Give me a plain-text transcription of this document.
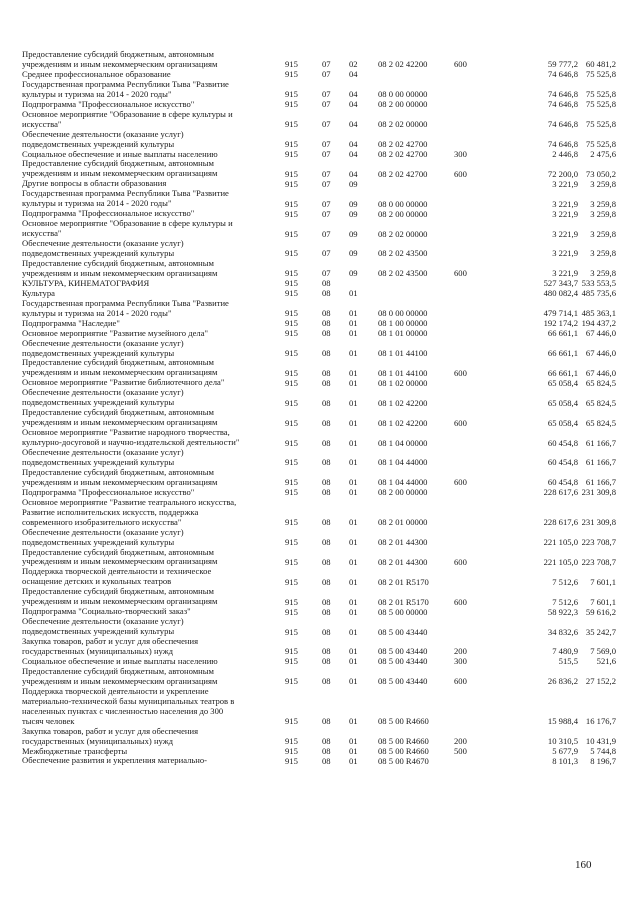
Предоставление субсидий бюджетным, автономным
учреждениям и иным некоммерческим организациям	915	07 02 08 2 02 42200	600	59 777,2 60 481,2
Среднее профессиональное образование	915	07 04	74 646,8 75 525,8
Государственная программа Республики Тыва "Развитие
культуры и туризма на 2014 - 2020 годы"	915	07 04 08 0 00 00000	74 646,8 75 525,8
Подпрограмма "Профессиональное искусство"	915	07 04 08 2 00 00000	74 646,8 75 525,8
Основное мероприятие "Образование в сфере культуры и
искусства"	915	07 04 08 2 02 00000	74 646,8 75 525,8
Обеспечение деятельности (оказание услуг)
подведомственных учреждений культуры	915	07 04 08 2 02 42700	74 646,8 75 525,8
Социальное обеспечение и иные выплаты населению	915	07 04 08 2 02 42700	300	2 446,8 2 475,6
Предоставление субсидий бюджетным, автономным
учреждениям и иным некоммерческим организациям	915	07 04 08 2 02 42700	600	72 200,0 73 050,2
Другие вопросы в области образования	915	07 09	3 221,9 3 259,8
Государственная программа Республики Тыва "Развитие
культуры и туризма на 2014 - 2020 годы"	915	07 09 08 0 00 00000	3 221,9 3 259,8
Подпрограмма "Профессиональное искусство"	915	07 09 08 2 00 00000	3 221,9 3 259,8
Основное мероприятие "Образование в сфере культуры и
искусства"	915	07 09 08 2 02 00000	3 221,9 3 259,8
Обеспечение деятельности (оказание услуг)
подведомственных учреждений культуры	915	07 09 08 2 02 43500	3 221,9 3 259,8
Предоставление субсидий бюджетным, автономным
учреждениям и иным некоммерческим организациям	915	07 09 08 2 02 43500	600	3 221,9 3 259,8
КУЛЬТУРА, КИНЕМАТОГРАФИЯ	915	08	527 343,7 533 553,5
Культура	915	08 01	480 082,4 485 735,6
Государственная программа Республики Тыва "Развитие
культуры и туризма на 2014 - 2020 годы"	915	08 01 08 0 00 00000	479 714,1 485 363,1
Подпрограмма "Наследие"	915	08 01 08 1 00 00000	192 174,2 194 437,2
Основное мероприятие "Развитие музейного дела"	915	08 01 08 1 01 00000	66 661,1 67 446,0
Обеспечение деятельности (оказание услуг)
подведомственных учреждений культуры	915	08 01 08 1 01 44100	66 661,1 67 446,0
Предоставление субсидий бюджетным, автономным
учреждениям и иным некоммерческим организациям	915	08 01 08 1 01 44100	600	66 661,1 67 446,0
Основное мероприятие "Развитие библиотечного дела"	915	08 01 08 1 02 00000	65 058,4 65 824,5
Обеспечение деятельности (оказание услуг)
подведомственных учреждений культуры	915	08 01 08 1 02 42200	65 058,4 65 824,5
Предоставление субсидий бюджетным, автономным
учреждениям и иным некоммерческим организациям	915	08 01 08 1 02 42200	600	65 058,4 65 824,5
Основное мероприятие "Развитие народного творчества,
культурно-досуговой и научно-издательской деятельности"	915	08 01 08 1 04 00000	60 454,8 61 166,7
Обеспечение деятельности (оказание услуг)
подведомственных учреждений культуры	915	08 01 08 1 04 44000	60 454,8 61 166,7
Предоставление субсидий бюджетным, автономным
учреждениям и иным некоммерческим организациям	915	08 01 08 1 04 44000	600	60 454,8 61 166,7
Подпрограмма "Профессиональное искусство"	915	08 01 08 2 00 00000	228 617,6 231 309,8
Основное мероприятие "Развитие театрального искусства,
Развитие исполнительских искусств, поддержка
современного изобразительного искусства"	915	08 01 08 2 01 00000	228 617,6 231 309,8
Обеспечение деятельности (оказание услуг)
подведомственных учреждений культуры	915	08 01 08 2 01 44300	221 105,0 223 708,7
Предоставление субсидий бюджетным, автономным
учреждениям и иным некоммерческим организациям	915	08 01 08 2 01 44300	600	221 105,0 223 708,7
Поддержка творческой деятельности и техническое
оснащение детских и кукольных театров	915	08 01 08 2 01 R5170	7 512,6 7 601,1
Предоставление субсидий бюджетным, автономным
учреждениям и иным некоммерческим организациям	915	08 01 08 2 01 R5170	600	7 512,6 7 601,1
Подпрограмма "Социально-творческий заказ"	915	08 01 08 5 00 00000	58 922,3 59 616,2
Обеспечение деятельности (оказание услуг)
подведомственных учреждений культуры	915	08 01 08 5 00 43440	34 832,6 35 242,7
Закупка товаров, работ и услуг для обеспечения
государственных (муниципальных) нужд	915	08 01 08 5 00 43440	200	7 480,9 7 569,0
Социальное обеспечение и иные выплаты населению	915	08 01 08 5 00 43440	300	515,5 521,6
Предоставление субсидий бюджетным, автономным
учреждениям и иным некоммерческим организациям	915	08 01 08 5 00 43440	600	26 836,2 27 152,2
Поддержка творческой деятельности и укрепление
материально-технической базы муниципальных театров в
населенных пунктах с численностью населения до 300
тысяч человек	915	08 01 08 5 00 R4660	15 988,4 16 176,7
Закупка товаров, работ и услуг для обеспечения
государственных (муниципальных) нужд	915	08 01 08 5 00 R4660	200	10 310,5 10 431,9
Межбюджетные трансферты	915	08 01 08 5 00 R4660	500	5 677,9 5 744,8
Обеспечение развития и укрепления материально-	915	08 01 08 5 00 R4670	8 101,3 8 196,7
160
